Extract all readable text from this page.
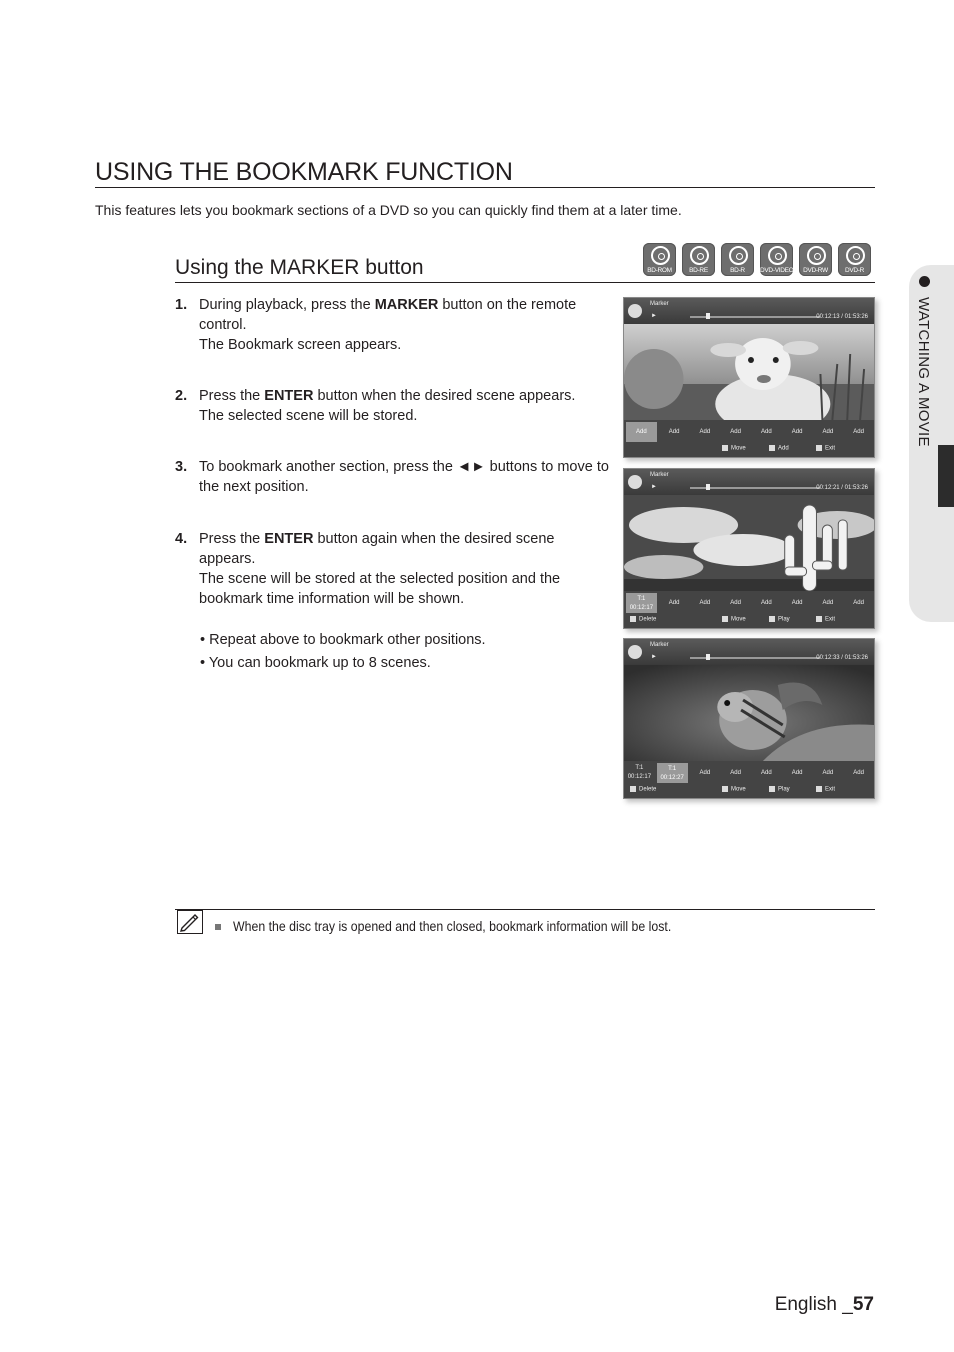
USING THE BOOKMARK FUNCTION
This features lets you bookmark sections of a DVD so you can quickly find them at a later time.
Using the MARKER button	BD-ROM	BD-RE	BD-R	DVD-VIDEO	DVD-RW	DVD-R
1. During playback, press the MARKER button on the remote control.
The Bookmark screen appears.
2. Press the ENTER button when the desired scene appears.
The selected scene will be stored.
3. To bookmark another section, press the ◄► buttons to move to the next position.
4. Press the ENTER button again when the desired scene appears.
The scene will be stored at the selected position and the bookmark time information will be shown.
• Repeat above to bookmark other positions.
• You can bookmark up to 8 scenes.
Marker
►	00:12:13 / 01:53:26
Add	Add	Add	Add	Add	Add	Add	Add
Move	Add	Exit
Marker
►	00:12:21 / 01:53:26
T:1
00:12:17
Add	Add	Add	Add	Add	Add	Add
Delete	Move	Play	Exit
Marker
►	00:12:33 / 01:53:26
T:1
00:12:17
T:1
00:12:27
Add	Add	Add	Add	Add	Add
Delete	Move	Play	Exit
WATCHING A MOVIE
When the disc tray is opened and then closed, bookmark information will be lost.
English _57
